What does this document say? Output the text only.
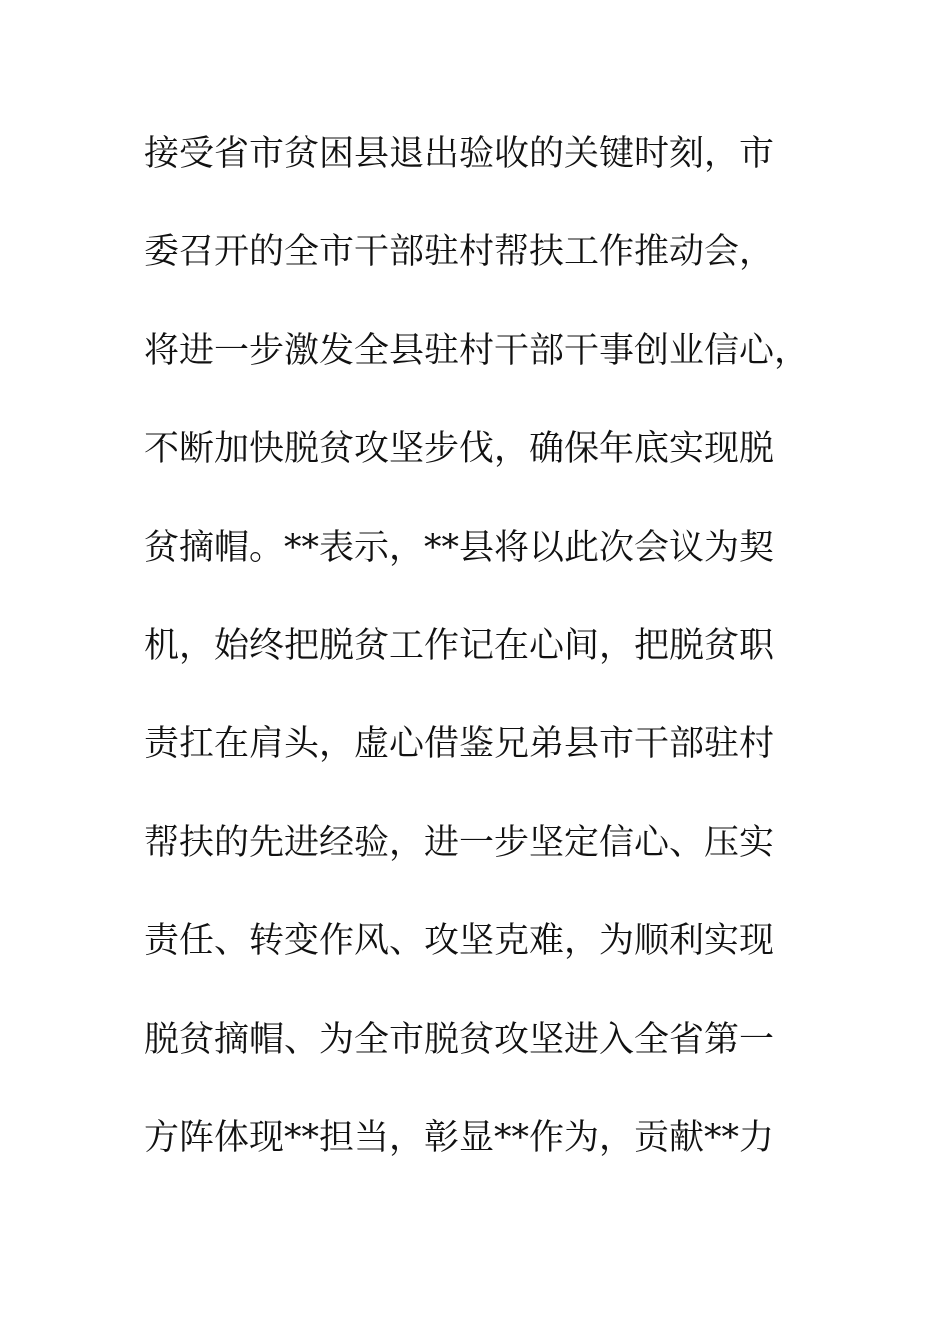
接受省市贫困县退出验收的关键时刻，市
委召开的全市干部驻村帮扶工作推动会，
将进一步激发全县驻村干部干事创业信心，
不断加快脱贫攻坚步伐，确保年底实现脱
贫摘帽。**表示，**县将以此次会议为契
机，始终把脱贫工作记在心间，把脱贫职
责扛在肩头，虚心借鉴兄弟县市干部驻村
帮扶的先进经验，进一步坚定信心、压实
责任、转变作风、攻坚克难，为顺利实现
脱贫摘帽、为全市脱贫攻坚进入全省第一
方阵体现**担当，彰显**作为，贡献**力
